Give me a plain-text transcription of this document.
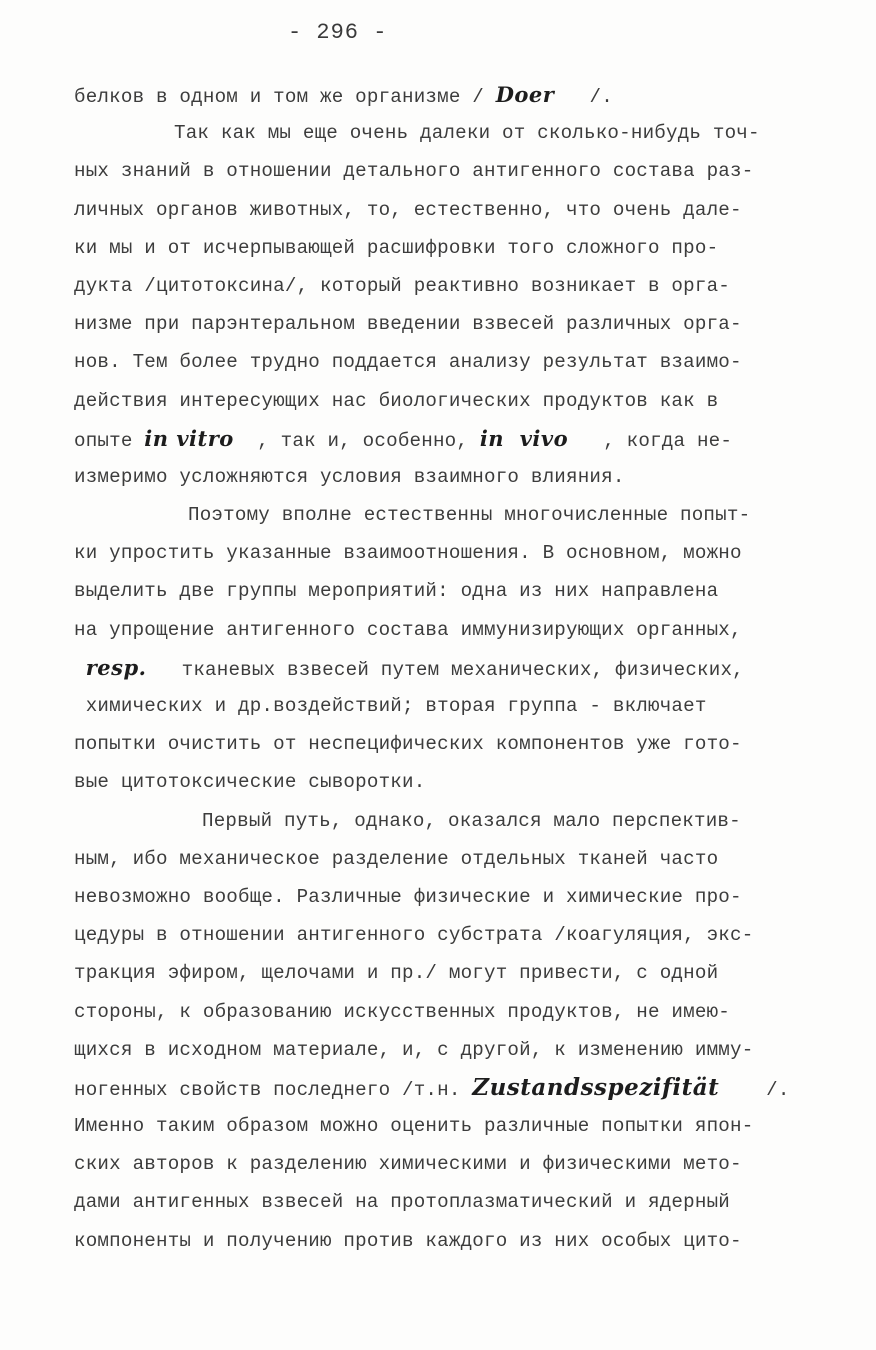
- 296 -
белков в одном и том же организме / Doer   /.
Так как мы еще очень далеки от сколько-нибудь точ-
ных знаний в отношении детального антигенного состава раз-
личных органов животных, то, естественно, что очень дале-
ки мы и от исчерпывающей расшифровки того сложного про-
дукта /цитотоксина/, который реактивно возникает в орга-
низме при парэнтеральном введении взвесей различных орга-
нов. Тем более трудно поддается анализу результат взаимо-
действия интересующих нас биологических продуктов как в
опыте in vitro  , так и, особенно, in  vivo   , когда не-
измеримо усложняются условия взаимного влияния.
Поэтому вполне естественны многочисленные попыт-
ки упростить указанные взаимоотношения. В основном, можно
выделить две группы мероприятий: одна из них направлена
на упрощение антигенного состава иммунизирующих органных,
resp.   тканевых взвесей путем механических, физических,
химических и др.воздействий; вторая группа - включает
попытки очистить от неспецифических компонентов уже гото-
вые цитотоксические сыворотки.
Первый путь, однако, оказался мало перспектив-
ным, ибо механическое разделение отдельных тканей часто
невозможно вообще. Различные физические и химические про-
цедуры в отношении антигенного субстрата /коагуляция, экс-
тракция эфиром, щелочами и пр./ могут привести, с одной
стороны, к образованию искусственных продуктов, не имею-
щихся в исходном материале, и, с другой, к изменению имму-
ногенных свойств последнего /т.н. Zustandsspezifität    /.
Именно таким образом можно оценить различные попытки япон-
ских авторов к разделению химическими и физическими мето-
дами антигенных взвесей на протоплазматический и ядерный
компоненты и получению против каждого из них особых цито-
